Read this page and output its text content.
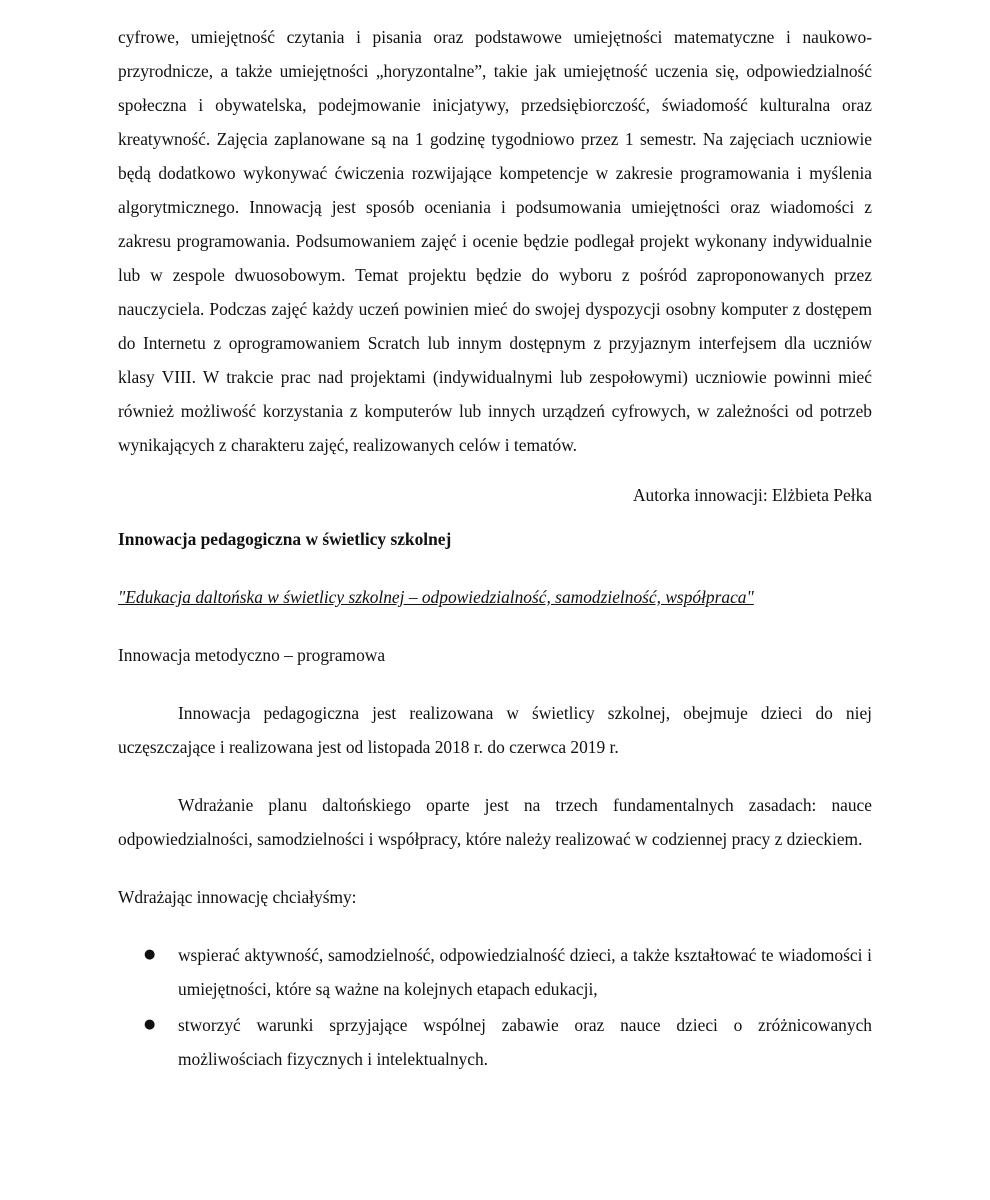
cyfrowe, umiejętność czytania i pisania oraz podstawowe umiejętności matematyczne i naukowo-przyrodnicze, a także umiejętności „horyzontalne”, takie jak umiejętność uczenia się, odpowiedzialność społeczna i obywatelska, podejmowanie inicjatywy, przedsiębiorczość, świadomość kulturalna oraz kreatywność. Zajęcia zaplanowane są na 1 godzinę tygodniowo przez 1 semestr. Na zajęciach uczniowie będą dodatkowo wykonywać ćwiczenia rozwijające kompetencje w zakresie programowania i myślenia algorytmicznego. Innowacją jest sposób oceniania i podsumowania umiejętności oraz wiadomości z zakresu programowania. Podsumowaniem zajęć i ocenie będzie podlegał projekt wykonany indywidualnie lub w zespole dwuosobowym. Temat projektu będzie do wyboru z pośród zaproponowanych przez nauczyciela. Podczas zajęć każdy uczeń powinien mieć do swojej dyspozycji osobny komputer z dostępem do Internetu z oprogramowaniem Scratch lub innym dostępnym z przyjaznym interfejsem dla uczniów klasy VIII. W trakcie prac nad projektami (indywidualnymi lub zespołowymi) uczniowie powinni mieć również możliwość korzystania z komputerów lub innych urządzeń cyfrowych, w zależności od potrzeb wynikających z charakteru zajęć, realizowanych celów i tematów.

Autorka innowacji: Elżbieta Pełka

Innowacja pedagogiczna w świetlicy szkolnej

"Edukacja daltońska w świetlicy szkolnej – odpowiedzialność, samodzielność, współpraca"

Innowacja metodyczno – programowa

Innowacja pedagogiczna jest realizowana w świetlicy szkolnej, obejmuje dzieci do niej uczęszczające i realizowana jest od listopada 2018 r. do czerwca 2019 r.

Wdrażanie planu daltońskiego oparte jest na trzech fundamentalnych zasadach: nauce odpowiedzialności, samodzielności i współpracy, które należy realizować w codziennej pracy z dzieckiem.

Wdrażając innowację chciałyśmy:

● wspierać aktywność, samodzielność, odpowiedzialność dzieci, a także kształtować te wiadomości i umiejętności, które są ważne na kolejnych etapach edukacji,
● stworzyć warunki sprzyjające wspólnej zabawie oraz nauce dzieci o zróżnicowanych możliwościach fizycznych i intelektualnych.
